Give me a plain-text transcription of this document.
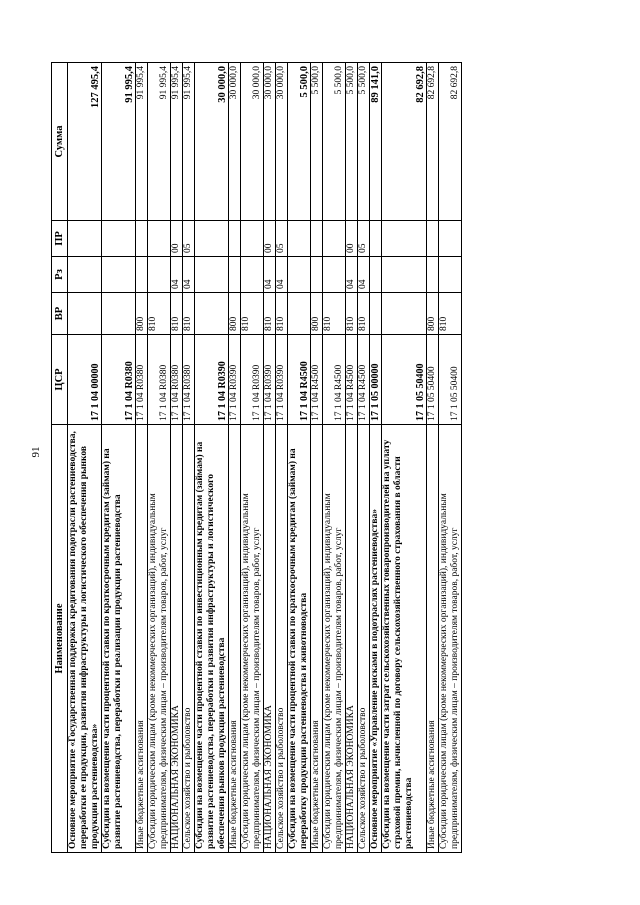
91
Наименование	ЦСР	ВР	Рз	ПР	Сумма
Основное мероприятие «Государственная поддержка кредитования подотрасли растениеводства, переработки ее продукции, развития инфраструктуры и логистического обеспечения рынков продукции растениеводства»	17 1 04 00000				127 495,4
Субсидии на возмещение части процентной ставки по краткосрочным кредитам (займам) на развитие растениеводства, переработки и реализации продукции растениеводства	17 1 04 R0380				91 995,4
Иные бюджетные ассигнования	17 1 04 R0380	800			91 995,4
Субсидии юридическим лицам (кроме некоммерческих организаций), индивидуальным предпринимателям, физическим лицам – производителям товаров, работ, услуг	17 1 04 R0380	810			91 995,4
НАЦИОНАЛЬНАЯ ЭКОНОМИКА	17 1 04 R0380	810	04	00	91 995,4
Сельское хозяйство и рыболовство	17 1 04 R0380	810	04	05	91 995,4
Субсидии на возмещение части процентной ставки по инвестиционным кредитам (займам) на развитие растениеводства, переработки и развития инфраструктуры и логистического обеспечения рынков продукции растениеводства	17 1 04 R0390				30 000,0
Иные бюджетные ассигнования	17 1 04 R0390	800			30 000,0
Субсидии юридическим лицам (кроме некоммерческих организаций), индивидуальным предпринимателям, физическим лицам – производителям товаров, работ, услуг	17 1 04 R0390	810			30 000,0
НАЦИОНАЛЬНАЯ ЭКОНОМИКА	17 1 04 R0390	810	04	00	30 000,0
Сельское хозяйство и рыболовство	17 1 04 R0390	810	04	05	30 000,0
Субсидии на возмещение части процентной ставки по краткосрочным кредитам (займам) на переработку продукции растениеводства и животноводства	17 1 04 R4500				5 500,0
Иные бюджетные ассигнования	17 1 04 R4500	800			5 500,0
Субсидии юридическим лицам (кроме некоммерческих организаций), индивидуальным предпринимателям, физическим лицам – производителям товаров, работ, услуг	17 1 04 R4500	810			5 500,0
НАЦИОНАЛЬНАЯ ЭКОНОМИКА	17 1 04 R4500	810	04	00	5 500,0
Сельское хозяйство и рыболовство	17 1 04 R4500	810	04	05	5 500,0
Основное мероприятие «Управление рисками в подотраслях растениеводства»	17 1 05 00000				89 141,0
Субсидии на возмещение части затрат сельскохозяйственных товаропроизводителей на уплату страховой премии, начисленной по договору сельскохозяйственного страхования в области растениеводства	17 1 05 50400				82 692,8
Иные бюджетные ассигнования	17 1 05 50400	800			82 692,8
Субсидии юридическим лицам (кроме некоммерческих организаций), индивидуальным предпринимателям, физическим лицам – производителям товаров, работ, услуг	17 1 05 50400	810			82 692,8
